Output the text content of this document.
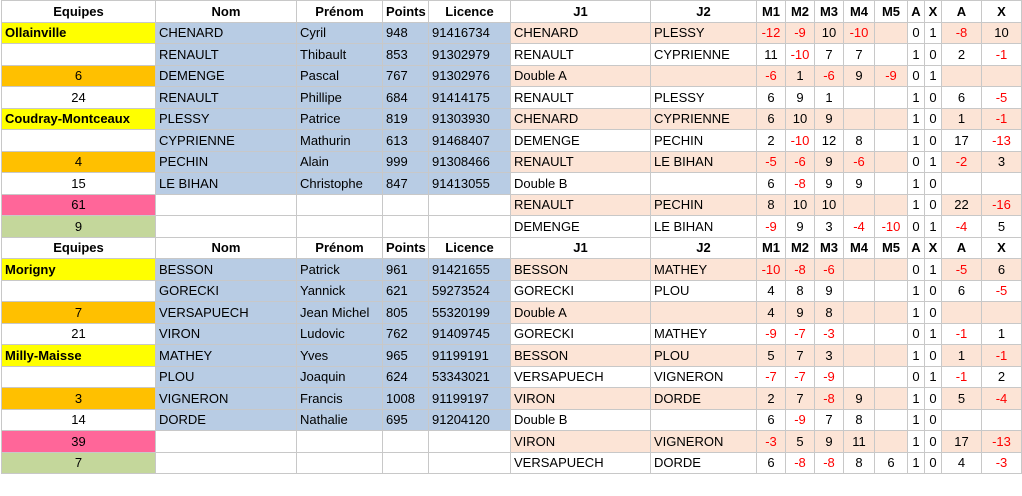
Equipes	Nom	Prénom	Points	Licence	J1	J2	M1	M2	M3	M4	M5	A	X	A	X
Ollainville	CHENARD	Cyril	948	91416734	CHENARD	PLESSY	-12	-9	10	-10		0	1	-8	10
	RENAULT	Thibault	853	91302979	RENAULT	CYPRIENNE	11	-10	7	7		1	0	2	-1
6	DEMENGE	Pascal	767	91302976	Double A		-6	1	-6	9	-9	0	1		
24	RENAULT	Phillipe	684	91414175	RENAULT	PLESSY	6	9	1			1	0	6	-5
Coudray-Montceaux	PLESSY	Patrice	819	91303930	CHENARD	CYPRIENNE	6	10	9			1	0	1	-1
	CYPRIENNE	Mathurin	613	91468407	DEMENGE	PECHIN	2	-10	12	8		1	0	17	-13
4	PECHIN	Alain	999	91308466	RENAULT	LE BIHAN	-5	-6	9	-6		0	1	-2	3
15	LE BIHAN	Christophe	847	91413055	Double B		6	-8	9	9		1	0		
61					RENAULT	PECHIN	8	10	10			1	0	22	-16
9					DEMENGE	LE BIHAN	-9	9	3	-4	-10	0	1	-4	5
Equipes	Nom	Prénom	Points	Licence	J1	J2	M1	M2	M3	M4	M5	A	X	A	X
Morigny	BESSON	Patrick	961	91421655	BESSON	MATHEY	-10	-8	-6			0	1	-5	6
	GORECKI	Yannick	621	59273524	GORECKI	PLOU	4	8	9			1	0	6	-5
7	VERSAPUECH	Jean Michel	805	55320199	Double A		4	9	8			1	0		
21	VIRON	Ludovic	762	91409745	GORECKI	MATHEY	-9	-7	-3			0	1	-1	1
Milly-Maisse	MATHEY	Yves	965	91199191	BESSON	PLOU	5	7	3			1	0	1	-1
	PLOU	Joaquin	624	53343021	VERSAPUECH	VIGNERON	-7	-7	-9			0	1	-1	2
3	VIGNERON	Francis	1008	91199197	VIRON	DORDE	2	7	-8	9		1	0	5	-4
14	DORDE	Nathalie	695	91204120	Double B		6	-9	7	8		1	0		
39					VIRON	VIGNERON	-3	5	9	11		1	0	17	-13
7					VERSAPUECH	DORDE	6	-8	-8	8	6	1	0	4	-3
